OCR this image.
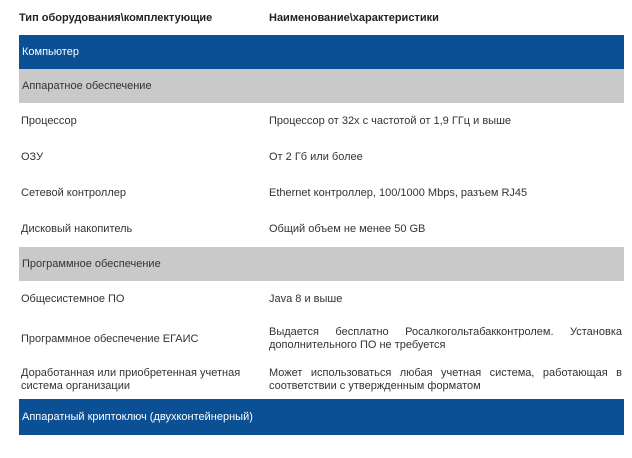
Тип оборудования\комплектующие	Наименование\характеристики
Компьютер	
Аппаратное обеспечение	
Процессор	Процессор от 32х с частотой от 1,9 ГГц и выше
ОЗУ	От 2 Гб или более
Сетевой контроллер	Ethernet контроллер, 100/1000 Mbps, разъем RJ45
Дисковый накопитель	Общий объем не менее 50 GB
Программное обеспечение	
Общесистемное ПО	Java 8 и выше
Программное обеспечение ЕГАИС	Выдается бесплатно Росалкогольтабакконтролем. Установка дополнительного ПО не требуется
Доработанная или приобретенная учетная система организации	Может использоваться любая учетная система, работающая в соответствии с утвержденным форматом
Аппаратный криптоключ (двухконтейнерный)	
